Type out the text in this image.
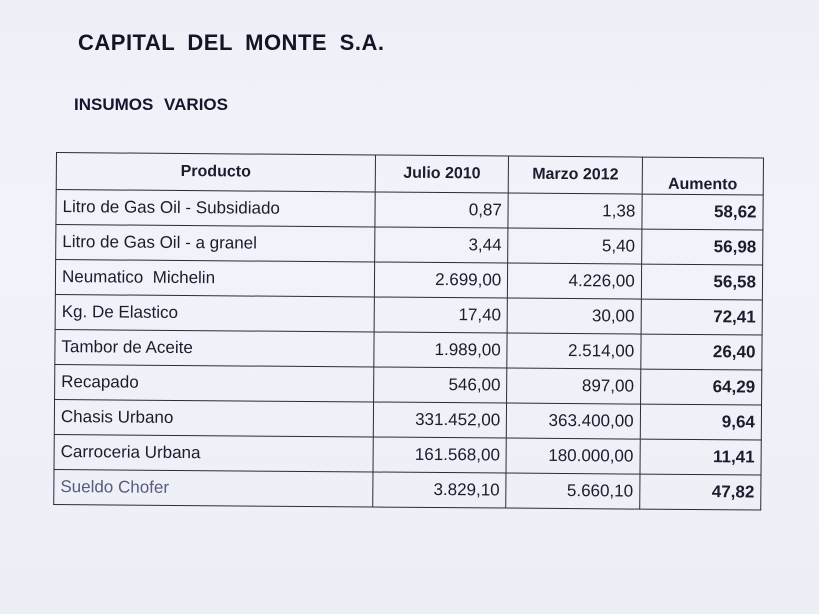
CAPITAL DEL MONTE S.A.
INSUMOS VARIOS
Producto	Julio 2010	Marzo 2012	Aumento
Litro de Gas Oil - Subsidiado	0,87	1,38	58,62
Litro de Gas Oil - a granel	3,44	5,40	56,98
Neumatico  Michelin	2.699,00	4.226,00	56,58
Kg. De Elastico	17,40	30,00	72,41
Tambor de Aceite	1.989,00	2.514,00	26,40
Recapado	546,00	897,00	64,29
Chasis Urbano	331.452,00	363.400,00	9,64
Carroceria Urbana	161.568,00	180.000,00	11,41
Sueldo Chofer	3.829,10	5.660,10	47,82
